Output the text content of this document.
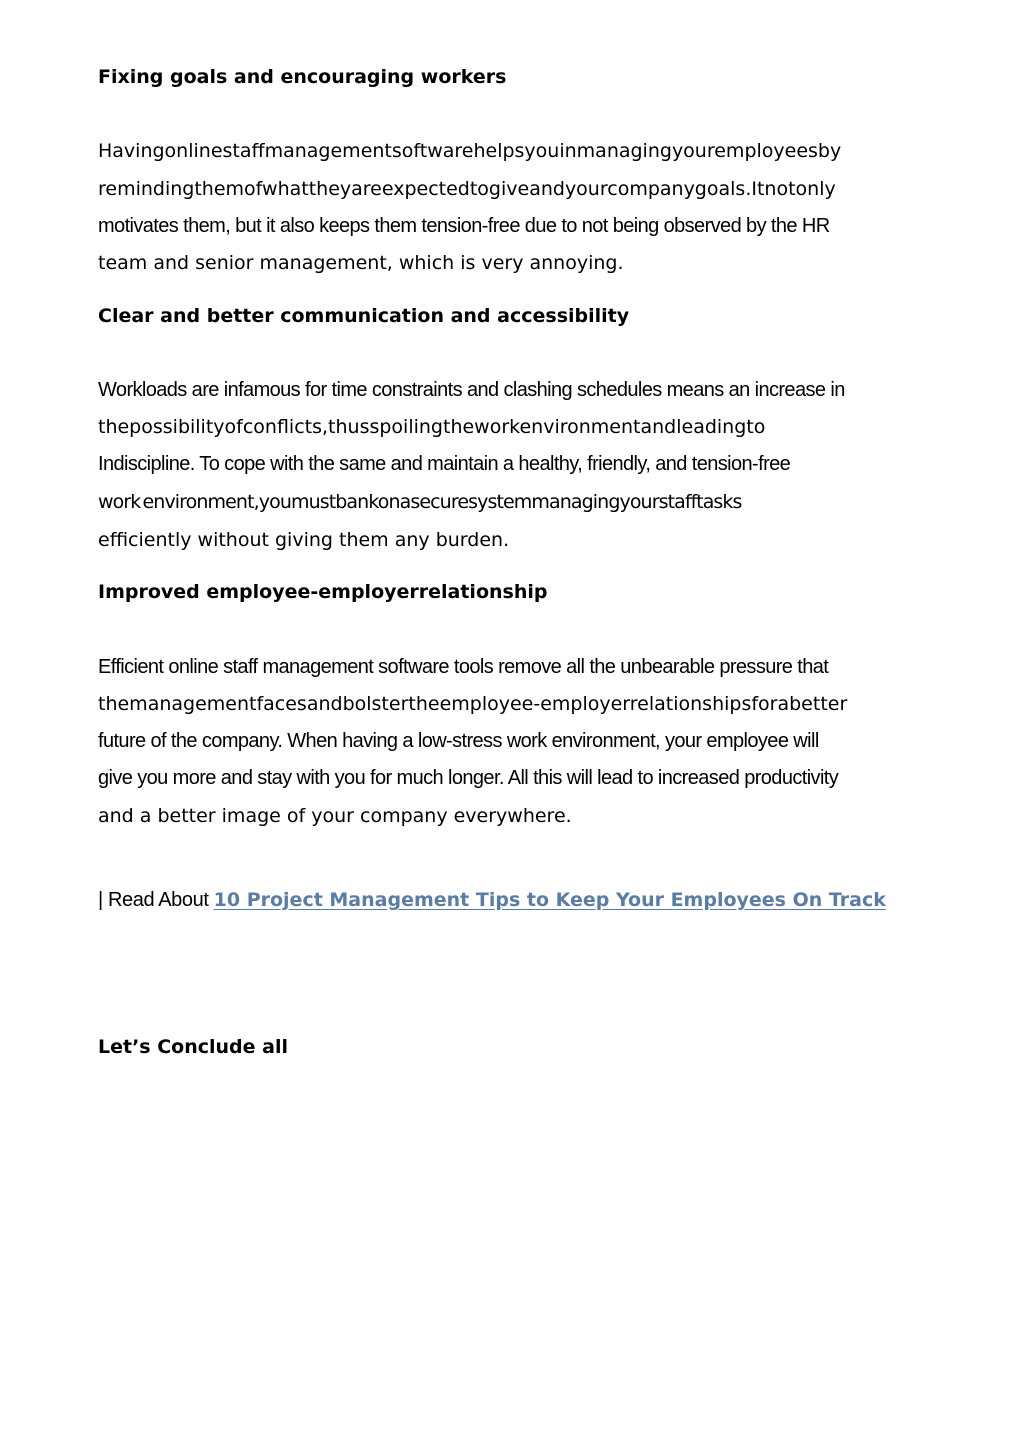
Fixing goals and encouraging workers

Havingonlinestaffmanagementsoftwarehelpsyouinmanagingyouremployeesby

remindingthemofwhattheyareexpectedtogiveandyourcompanygoals.Itnotonly

motivates them, but it also keeps them tension-free due to not being observed by the HR

team and senior management, which is very annoying.

Clear and better communication and accessibility

Workloads are infamous for time constraints and clashing schedules means an increase in

thepossibilityofconflicts,thusspoilingtheworkenvironmentandleadingto

Indiscipline. To cope with the same and maintain a healthy, friendly, and tension-free

work environment,youmustbankonasecuresystemmanagingyourstafftasks

efficiently without giving them any burden.

Improved employee-employerrelationship

Efficient online staff management software tools remove all the unbearable pressure that

themanagementfacesandbolstertheemployee-employerrelationshipsforabetter

future of the company. When having a low-stress work environment, your employee will

give you more and stay with you for much longer. All this will lead to increased productivity

and a better image of your company everywhere.

| Read About 10 Project Management Tips to Keep Your Employees On Track

Let’s Conclude all
